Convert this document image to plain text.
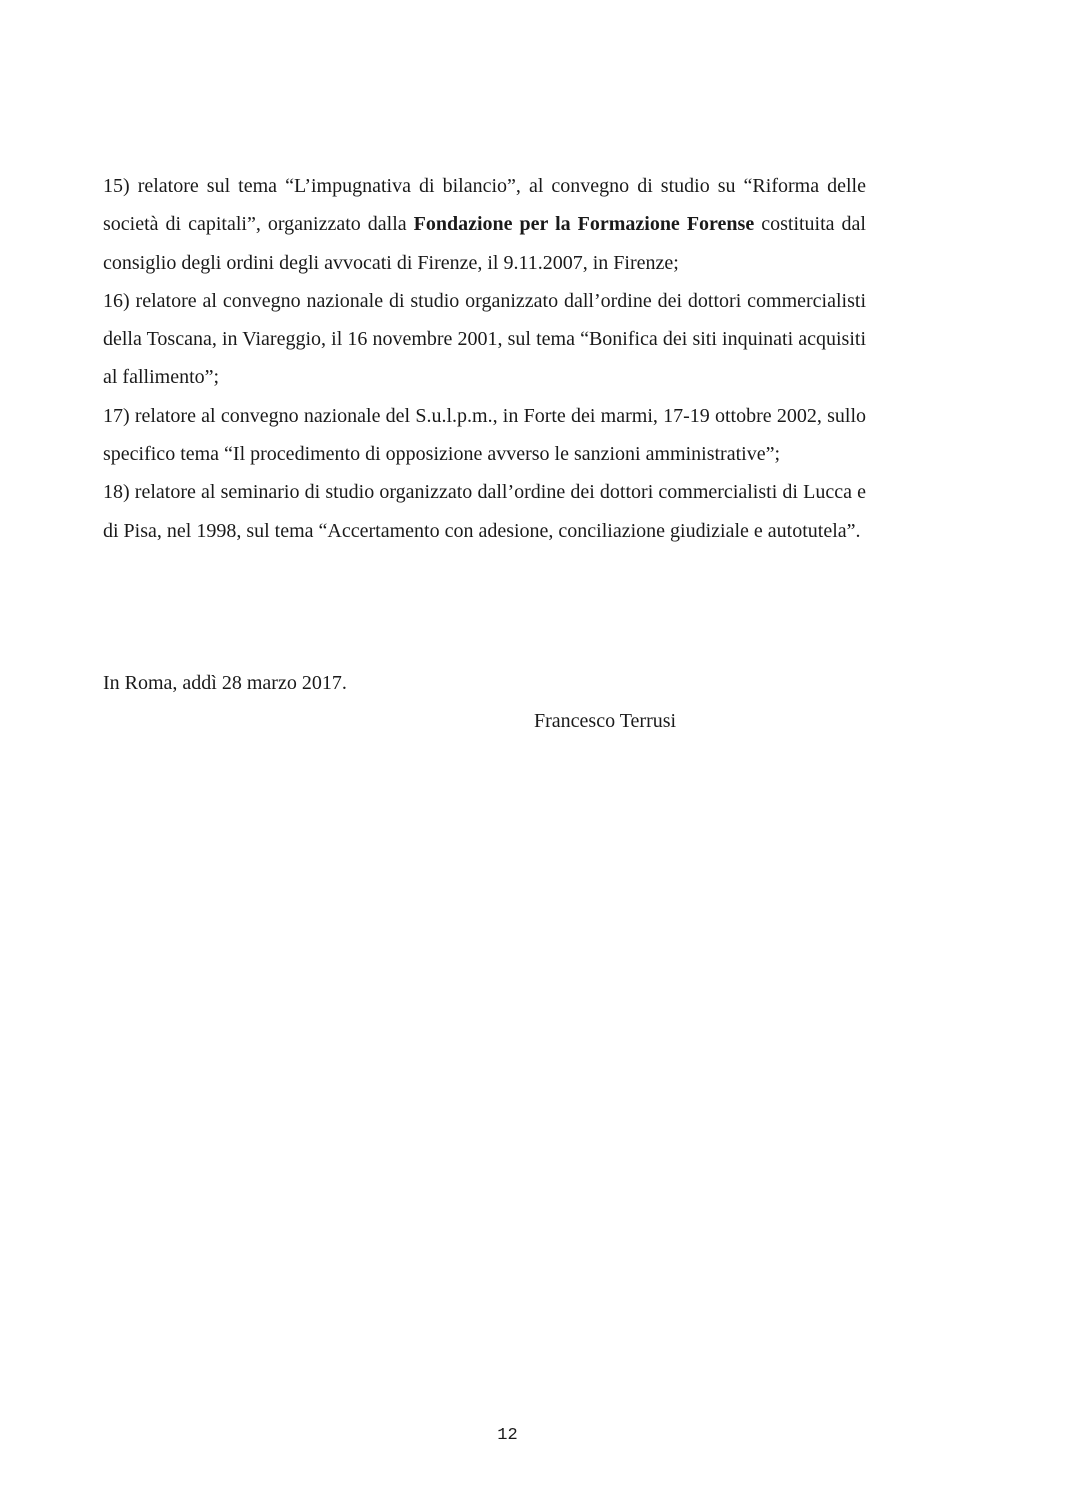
15) relatore sul tema “L’impugnativa di bilancio”, al convegno di studio su “Riforma delle società di capitali”, organizzato dalla Fondazione per la Formazione Forense costituita dal consiglio degli ordini degli avvocati di Firenze, il 9.11.2007, in Firenze;

16) relatore al convegno nazionale di studio organizzato dall’ordine dei dottori commercialisti della Toscana, in Viareggio, il 16 novembre 2001, sul tema “Bonifica dei siti inquinati acquisiti al fallimento”;

17) relatore al convegno nazionale del S.u.l.p.m., in Forte dei marmi, 17-19 ottobre 2002, sullo specifico tema “Il procedimento di opposizione avverso le sanzioni amministrative”;

18) relatore al seminario di studio organizzato dall’ordine dei dottori commercialisti di Lucca e di Pisa, nel 1998, sul tema “Accertamento con adesione, conciliazione giudiziale e autotutela”.

In Roma, addì 28 marzo 2017.

Francesco Terrusi

12
